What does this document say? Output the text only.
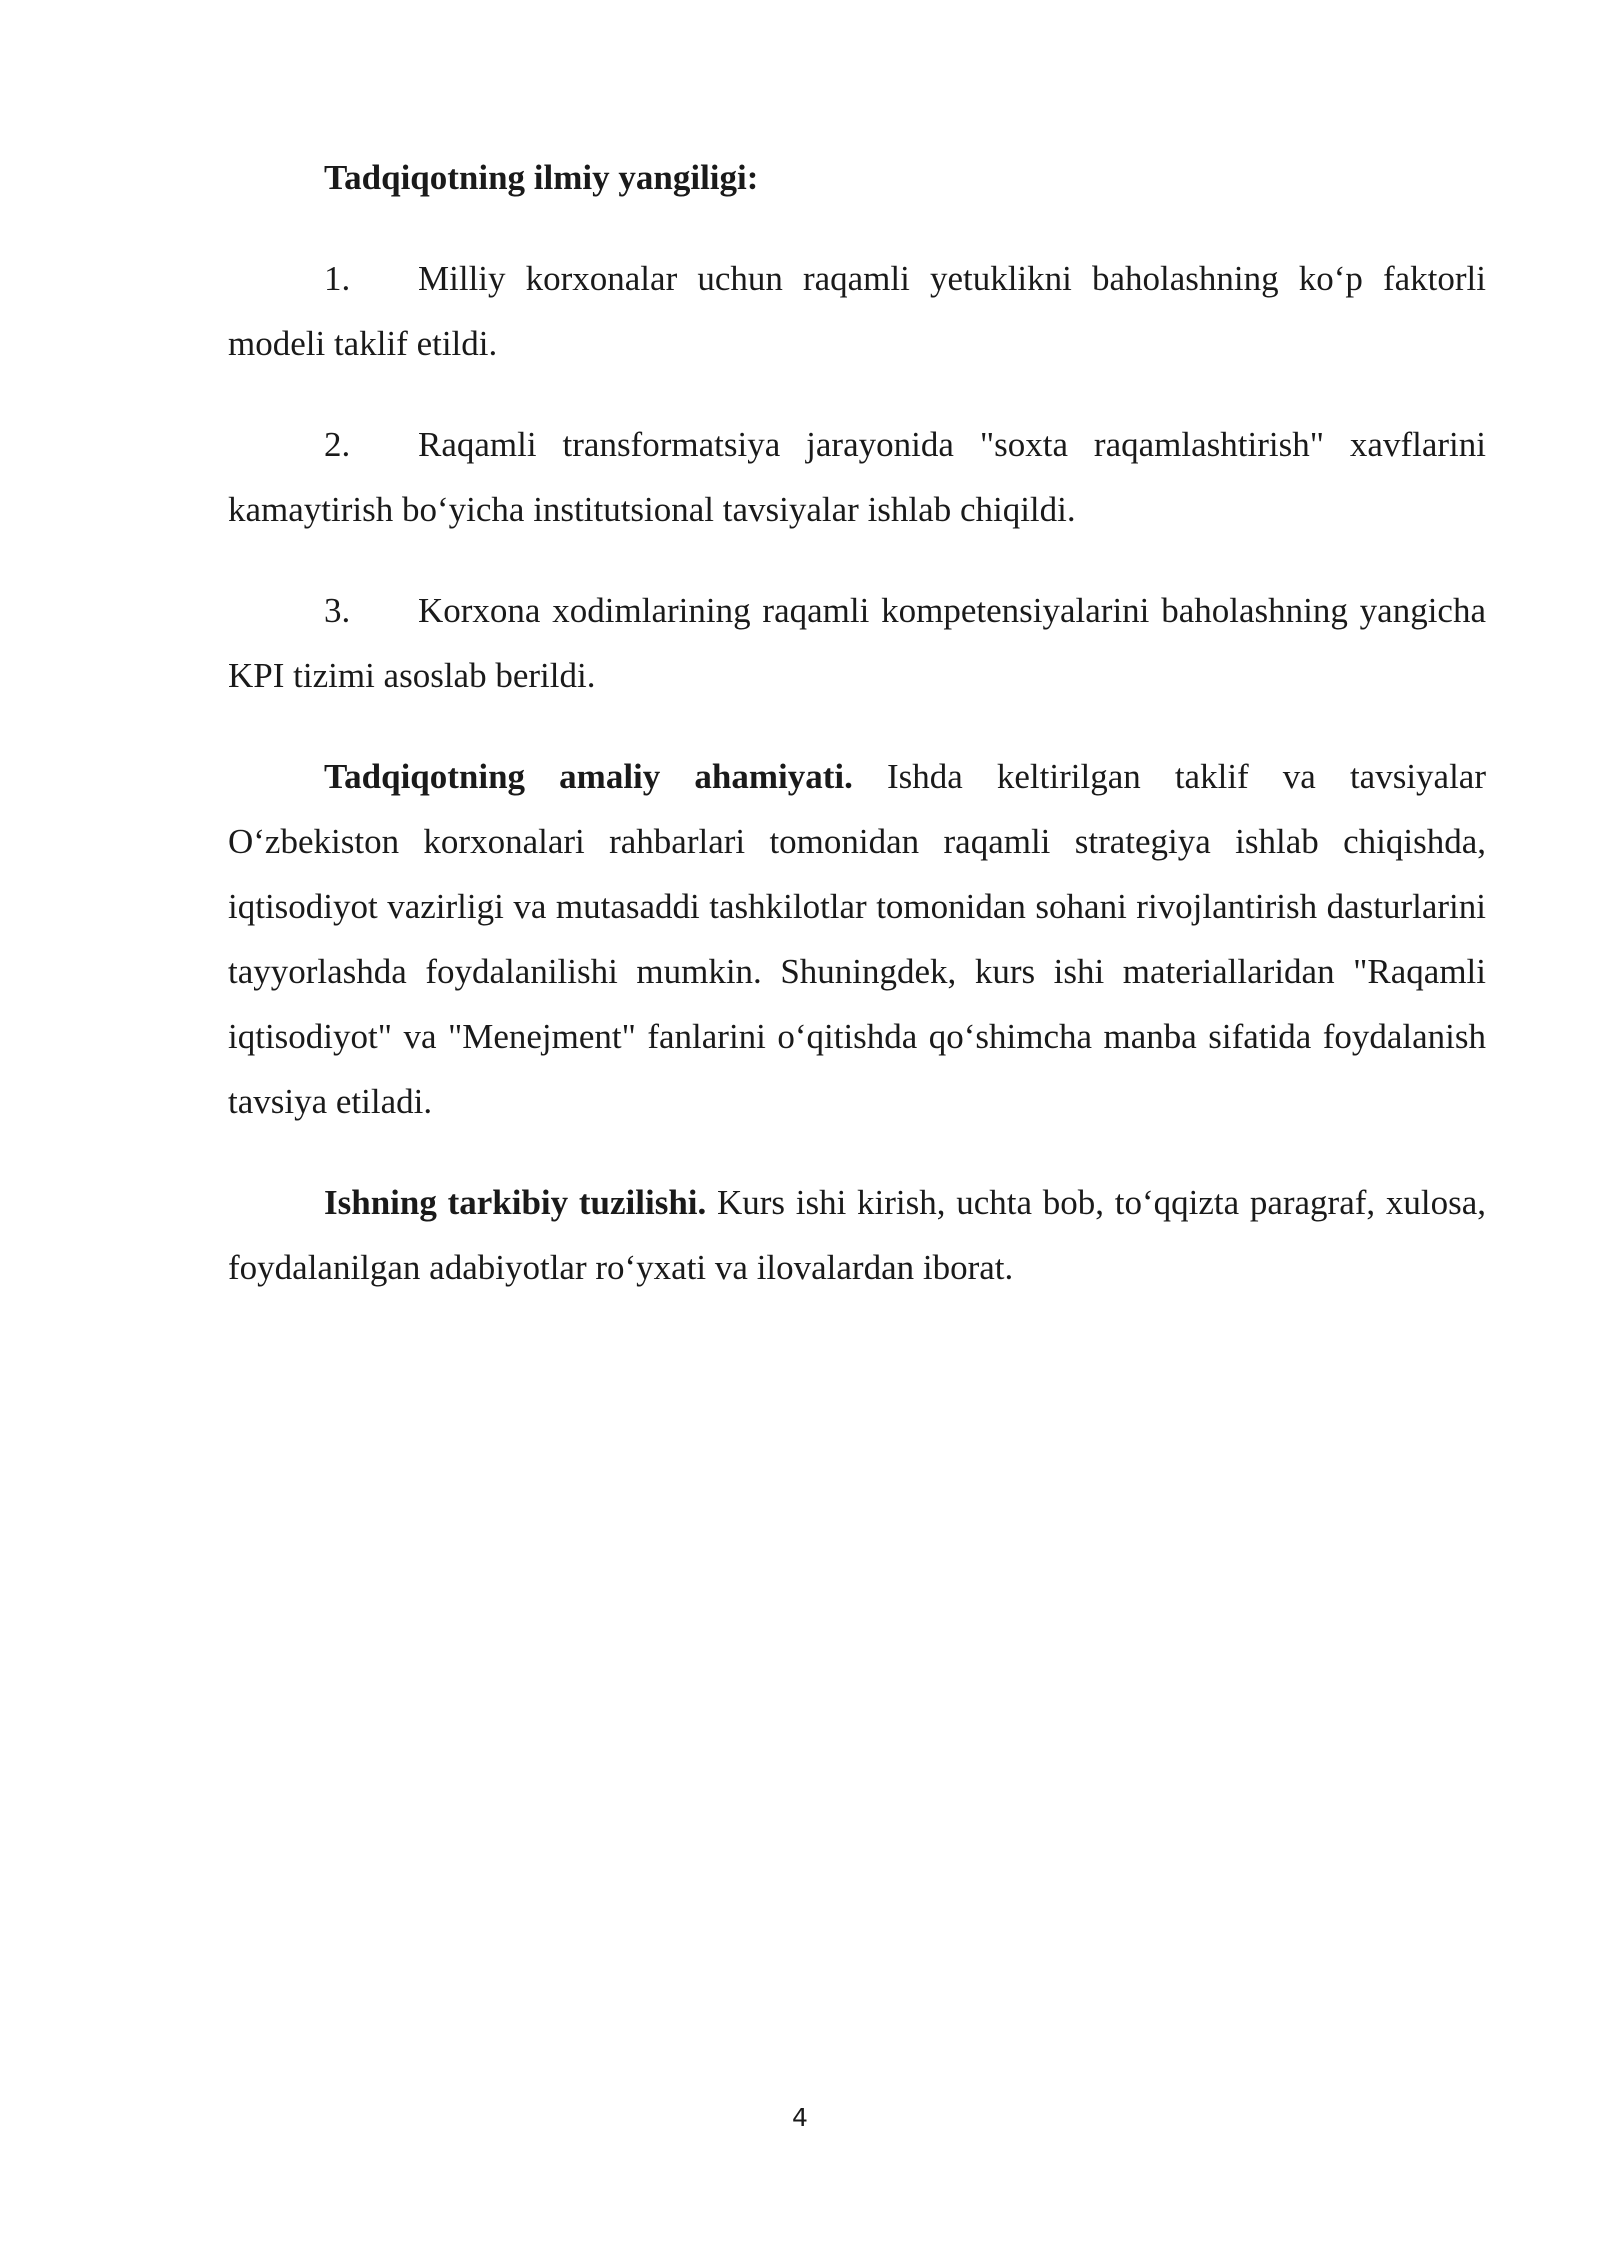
Tadqiqotning ilmiy yangiligi:

1. Milliy korxonalar uchun raqamli yetuklikni baholashning ko‘p faktorli modeli taklif etildi.

2. Raqamli transformatsiya jarayonida "soxta raqamlashtirish" xavflarini kamaytirish bo‘yicha institutsional tavsiyalar ishlab chiqildi.

3. Korxona xodimlarining raqamli kompetensiyalarini baholashning yangicha KPI tizimi asoslab berildi.

Tadqiqotning amaliy ahamiyati. Ishda keltirilgan taklif va tavsiyalar O‘zbekiston korxonalari rahbarlari tomonidan raqamli strategiya ishlab chiqishda, iqtisodiyot vazirligi va mutasaddi tashkilotlar tomonidan sohani rivojlantirish dasturlarini tayyorlashda foydalanilishi mumkin. Shuningdek, kurs ishi materiallaridan "Raqamli iqtisodiyot" va "Menejment" fanlarini o‘qitishda qo‘shimcha manba sifatida foydalanish tavsiya etiladi.

Ishning tarkibiy tuzilishi. Kurs ishi kirish, uchta bob, to‘qqizta paragraf, xulosa, foydalanilgan adabiyotlar ro‘yxati va ilovalardan iborat.

4
